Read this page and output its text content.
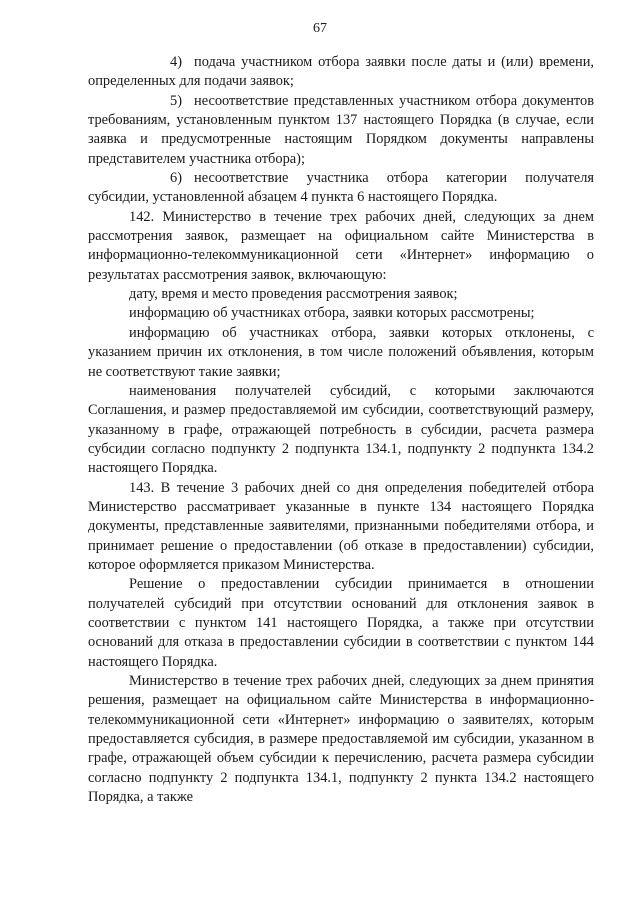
67

4) подача участником отбора заявки после даты и (или) времени, определенных для подачи заявок;

5) несоответствие представленных участником отбора документов требованиям, установленным пунктом 137 настоящего Порядка (в случае, если заявка и предусмотренные настоящим Порядком документы направлены представителем участника отбора);

6) несоответствие участника отбора категории получателя субсидии, установленной абзацем 4 пункта 6 настоящего Порядка.

142. Министерство в течение трех рабочих дней, следующих за днем рассмотрения заявок, размещает на официальном сайте Министерства в информационно-телекоммуникационной сети «Интернет» информацию о результатах рассмотрения заявок, включающую:

дату, время и место проведения рассмотрения заявок;

информацию об участниках отбора, заявки которых рассмотрены;

информацию об участниках отбора, заявки которых отклонены, с указанием причин их отклонения, в том числе положений объявления, которым не соответствуют такие заявки;

наименования получателей субсидий, с которыми заключаются Соглашения, и размер предоставляемой им субсидии, соответствующий размеру, указанному в графе, отражающей потребность в субсидии, расчета размера субсидии согласно подпункту 2 подпункта 134.1, подпункту 2 подпункта 134.2 настоящего Порядка.

143. В течение 3 рабочих дней со дня определения победителей отбора Министерство рассматривает указанные в пункте 134 настоящего Порядка документы, представленные заявителями, признанными победителями отбора, и принимает решение о предоставлении (об отказе в предоставлении) субсидии, которое оформляется приказом Министерства.

Решение о предоставлении субсидии принимается в отношении получателей субсидий при отсутствии оснований для отклонения заявок в соответствии с пунктом 141 настоящего Порядка, а также при отсутствии оснований для отказа в предоставлении субсидии в соответствии с пунктом 144 настоящего Порядка.

Министерство в течение трех рабочих дней, следующих за днем принятия решения, размещает на официальном сайте Министерства в информационно-телекоммуникационной сети «Интернет» информацию о заявителях, которым предоставляется субсидия, в размере предоставляемой им субсидии, указанном в графе, отражающей объем субсидии к перечислению, расчета размера субсидии согласно подпункту 2 подпункта 134.1, подпункту 2 пункта 134.2 настоящего Порядка, а также
